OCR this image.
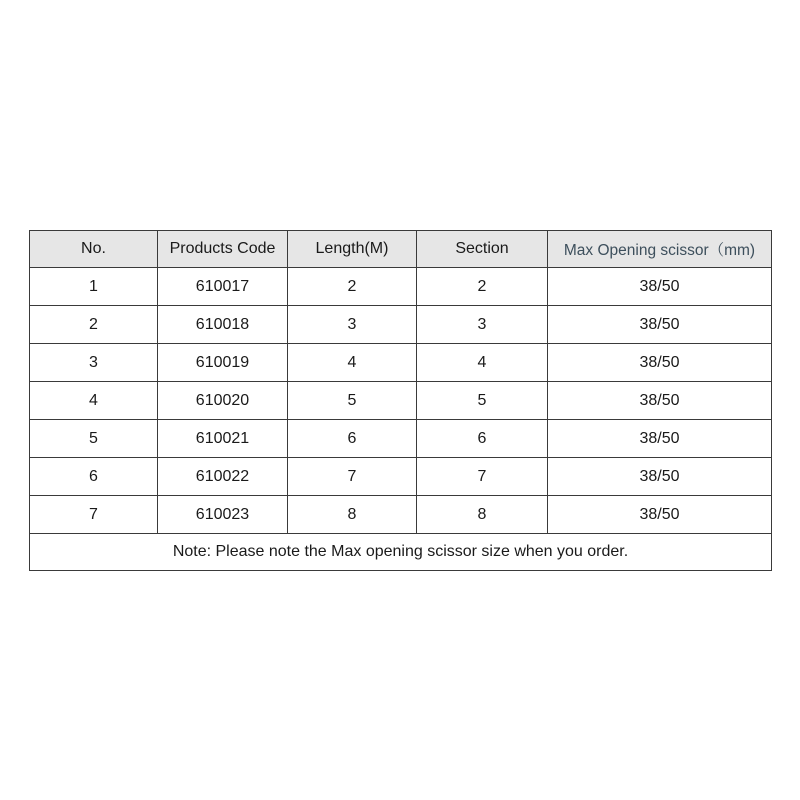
No.	Products Code	Length(M)	Section	Max Opening scissor（mm)
1	610017	2	2	38/50
2	610018	3	3	38/50
3	610019	4	4	38/50
4	610020	5	5	38/50
5	610021	6	6	38/50
6	610022	7	7	38/50
7	610023	8	8	38/50
Note: Please note the Max opening scissor size when you order.				
